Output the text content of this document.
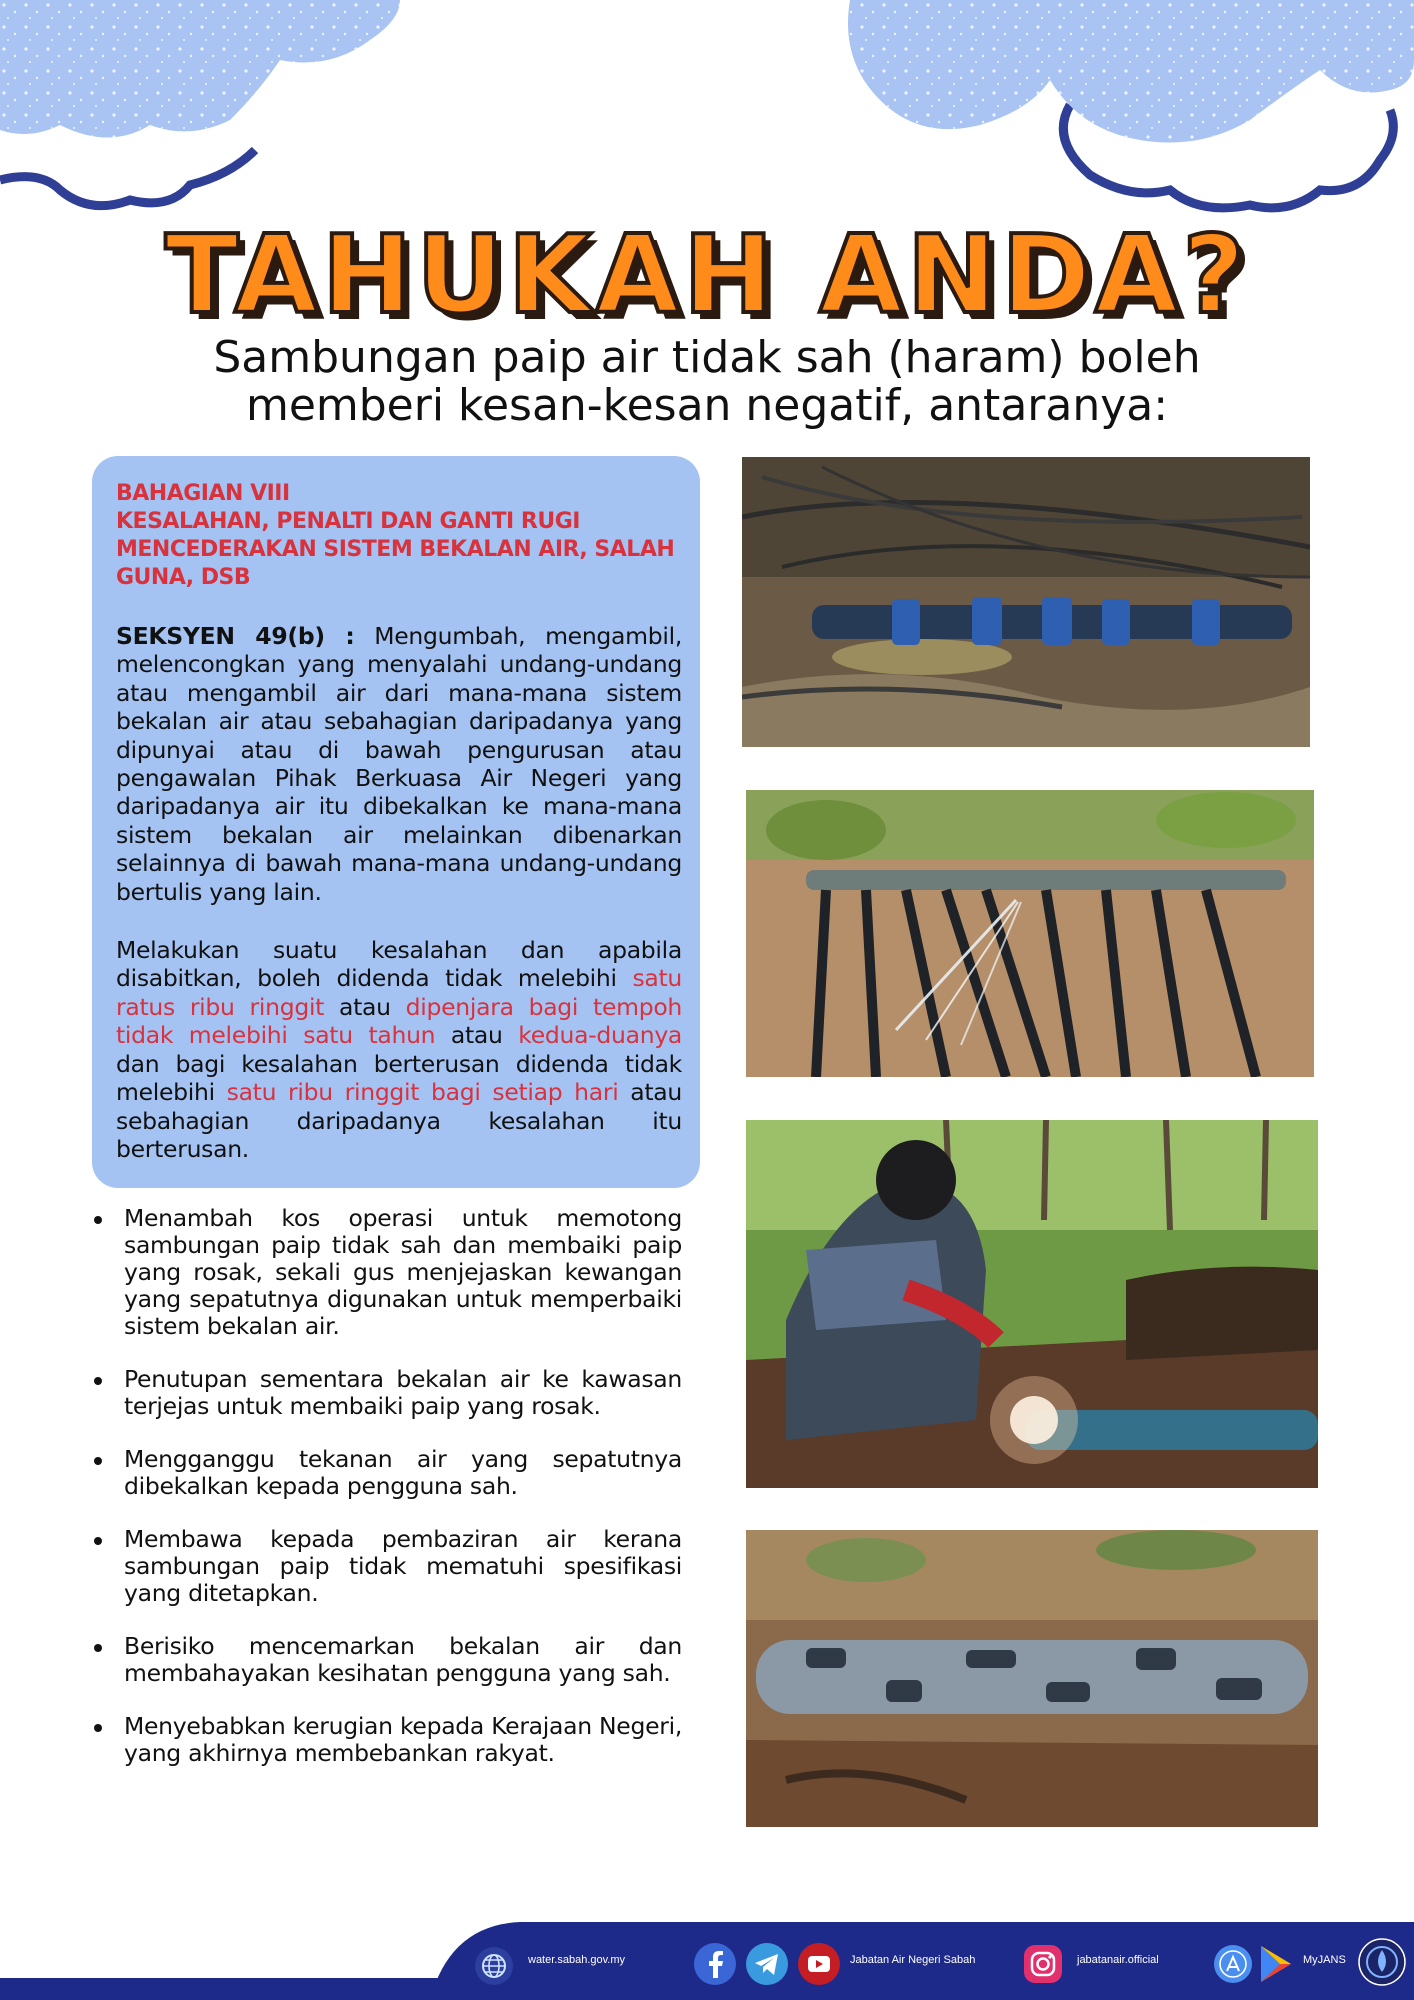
TAHUKAH ANDA?
Sambungan paip air tidak sah (haram) boleh
memberi kesan-kesan negatif, antaranya:
BAHAGIAN VIII
KESALAHAN, PENALTI DAN GANTI RUGI
MENCEDERAKAN SISTEM BEKALAN AIR, SALAH GUNA, DSB
SEKSYEN 49(b) : Mengumbah, mengambil, melencongkan yang menyalahi undang-undang atau mengambil air dari mana-mana sistem bekalan air atau sebahagian daripadanya yang dipunyai atau di bawah pengurusan atau pengawalan Pihak Berkuasa Air Negeri yang daripadanya air itu dibekalkan ke mana-mana sistem bekalan air melainkan dibenarkan selainnya di bawah mana-mana undang-undang bertulis yang lain.
Melakukan suatu kesalahan dan apabila disabitkan, boleh didenda tidak melebihi satu ratus ribu ringgit atau dipenjara bagi tempoh tidak melebihi satu tahun atau kedua-duanya dan bagi kesalahan berterusan didenda tidak melebihi satu ribu ringgit bagi setiap hari atau sebahagian daripadanya kesalahan itu berterusan.
Menambah kos operasi untuk memotong sambungan paip tidak sah dan membaiki paip yang rosak, sekali gus menjejaskan kewangan yang sepatutnya digunakan untuk memperbaiki sistem bekalan air.
Penutupan sementara bekalan air ke kawasan terjejas untuk membaiki paip yang rosak.
Mengganggu tekanan air yang sepatutnya dibekalkan kepada pengguna sah.
Membawa kepada pembaziran air kerana sambungan paip tidak mematuhi spesifikasi yang ditetapkan.
Berisiko mencemarkan bekalan air dan membahayakan kesihatan pengguna yang sah.
Menyebabkan kerugian kepada Kerajaan Negeri, yang akhirnya membebankan rakyat.
water.sabah.gov.my	Jabatan Air Negeri Sabah	jabatanair.official	MyJANS
